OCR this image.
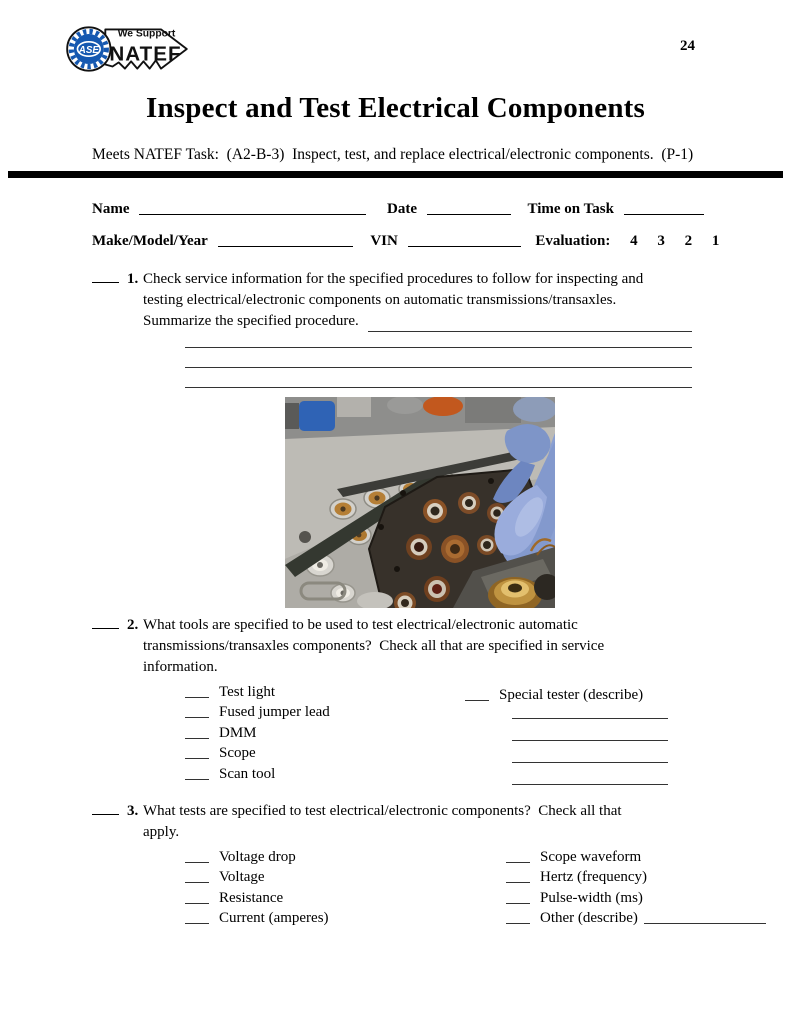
ASE
We Support
NATEF	24
Inspect and Test Electrical Components
Meets NATEF Task:  (A2-B-3)  Inspect, test, and replace electrical/electronic components.  (P-1)
Name	Date	Time on Task
Make/Model/Year	VIN	Evaluation: 4 3 2 1
1. Check service information for the specified procedures to follow for inspecting and
testing electrical/electronic components on automatic transmissions/transaxles.
Summarize the specified procedure.
2. What tools are specified to be used to test electrical/electronic automatic
transmissions/transaxles components?  Check all that are specified in service
information.
Test light
Fused jumper lead
DMM
Scope
Scan tool
Special tester (describe)
3. What tests are specified to test electrical/electronic components?  Check all that
apply.
Voltage drop	Scope waveform
Voltage	Hertz (frequency)
Resistance	Pulse-width (ms)
Current (amperes)	Other (describe)
